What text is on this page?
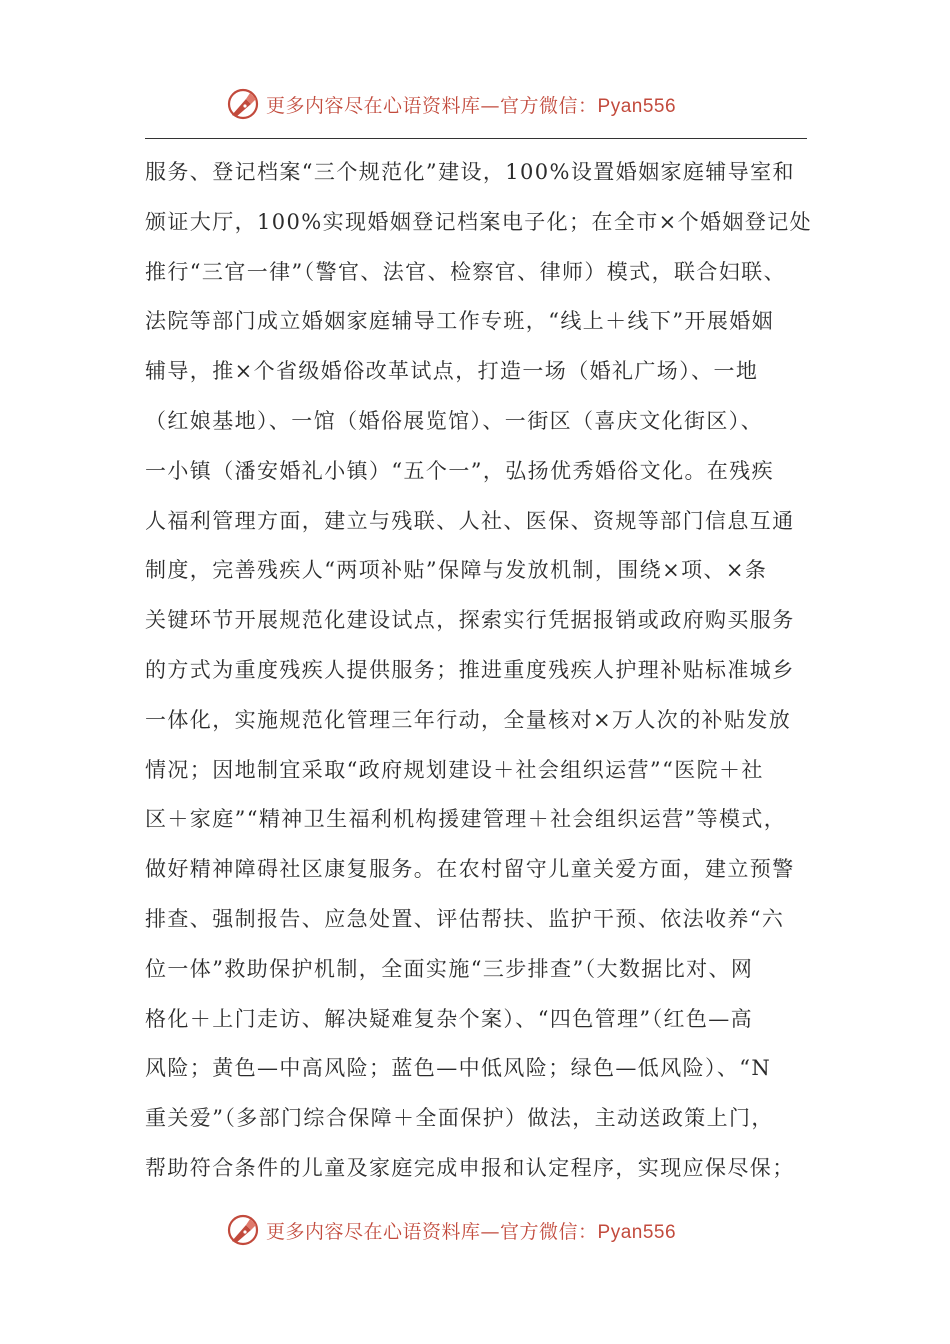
更多内容尽在心语资料库—官方微信：Pyan556
服务、登记档案“三个规范化”建设，100%设置婚姻家庭辅导室和
颁证大厅，100%实现婚姻登记档案电子化；在全市×个婚姻登记处
推行“三官一律”（警官、法官、检察官、律师）模式，联合妇联、
法院等部门成立婚姻家庭辅导工作专班，“线上＋线下”开展婚姻
辅导，推×个省级婚俗改革试点，打造一场（婚礼广场）、一地
（红娘基地）、一馆（婚俗展览馆）、一街区（喜庆文化街区）、
一小镇（潘安婚礼小镇）“五个一”，弘扬优秀婚俗文化。在残疾
人福利管理方面，建立与残联、人社、医保、资规等部门信息互通
制度，完善残疾人“两项补贴”保障与发放机制，围绕×项、×条
关键环节开展规范化建设试点，探索实行凭据报销或政府购买服务
的方式为重度残疾人提供服务；推进重度残疾人护理补贴标准城乡
一体化，实施规范化管理三年行动，全量核对×万人次的补贴发放
情况；因地制宜采取“政府规划建设＋社会组织运营”“医院＋社
区＋家庭”“精神卫生福利机构援建管理＋社会组织运营”等模式，
做好精神障碍社区康复服务。在农村留守儿童关爱方面，建立预警
排查、强制报告、应急处置、评估帮扶、监护干预、依法收养“六
位一体”救助保护机制，全面实施“三步排查”（大数据比对、网
格化＋上门走访、解决疑难复杂个案）、“四色管理”（红色—高
风险；黄色—中高风险；蓝色—中低风险；绿色—低风险）、“N
重关爱”（多部门综合保障＋全面保护）做法，主动送政策上门，
帮助符合条件的儿童及家庭完成申报和认定程序，实现应保尽保；
更多内容尽在心语资料库—官方微信：Pyan556
